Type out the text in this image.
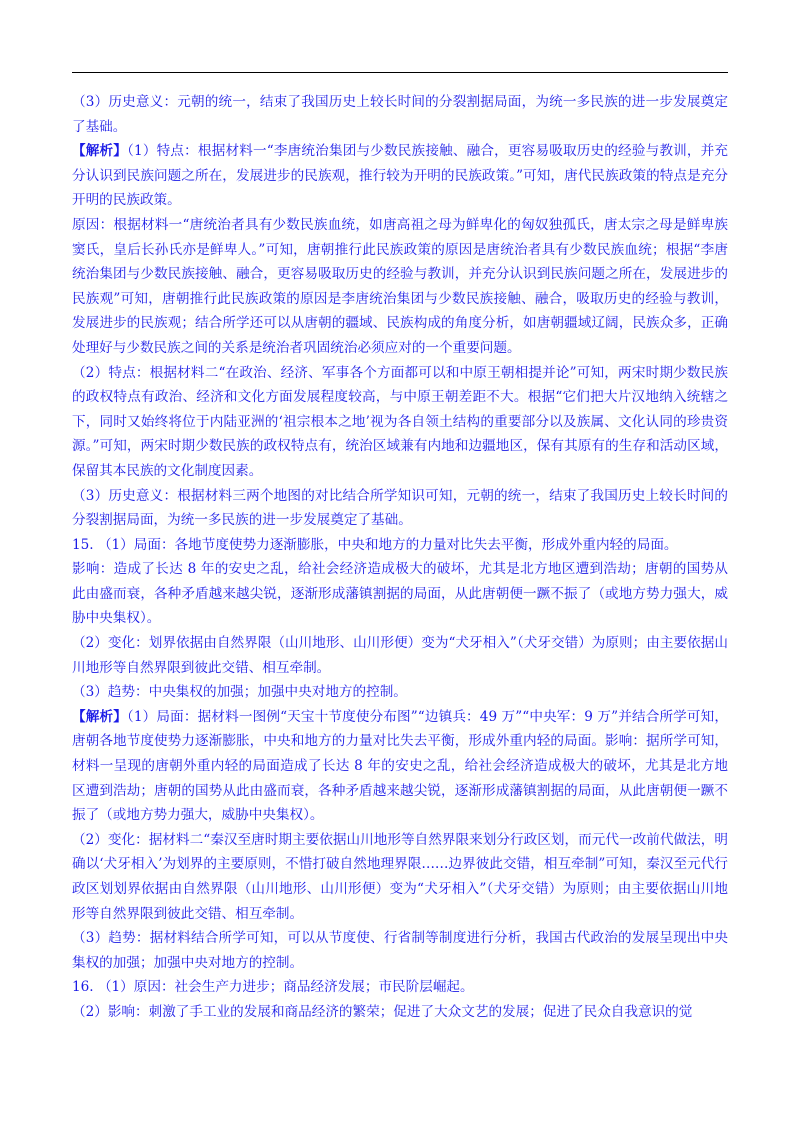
（3）历史意义：元朝的统一，结束了我国历史上较长时间的分裂割据局面，为统一多民族的进一步发展奠定了基础。

【解析】（1）特点：根据材料一“李唐统治集团与少数民族接触、融合，更容易吸取历史的经验与教训，并充分认识到民族问题之所在，发展进步的民族观，推行较为开明的民族政策。”可知，唐代民族政策的特点是充分开明的民族政策。

原因：根据材料一“唐统治者具有少数民族血统，如唐高祖之母为鲜卑化的匈奴独孤氏，唐太宗之母是鲜卑族窦氏，皇后长孙氏亦是鲜卑人。”可知，唐朝推行此民族政策的原因是唐统治者具有少数民族血统；根据“李唐统治集团与少数民族接触、融合，更容易吸取历史的经验与教训，并充分认识到民族问题之所在，发展进步的民族观”可知，唐朝推行此民族政策的原因是李唐统治集团与少数民族接触、融合，吸取历史的经验与教训，发展进步的民族观；结合所学还可以从唐朝的疆域、民族构成的角度分析，如唐朝疆域辽阔，民族众多，正确处理好与少数民族之间的关系是统治者巩固统治必须应对的一个重要问题。

（2）特点：根据材料二“在政治、经济、军事各个方面都可以和中原王朝相提并论”可知，两宋时期少数民族的政权特点有政治、经济和文化方面发展程度较高，与中原王朝差距不大。根据“它们把大片汉地纳入统辖之下，同时又始终将位于内陆亚洲的‘祖宗根本之地’视为各自领土结构的重要部分以及族属、文化认同的珍贵资源。”可知，两宋时期少数民族的政权特点有，统治区域兼有内地和边疆地区，保有其原有的生存和活动区域，保留其本民族的文化制度因素。

（3）历史意义：根据材料三两个地图的对比结合所学知识可知，元朝的统一，结束了我国历史上较长时间的分裂割据局面，为统一多民族的进一步发展奠定了基础。

15. （1）局面：各地节度使势力逐渐膨胀，中央和地方的力量对比失去平衡，形成外重内轻的局面。

影响：造成了长达 8 年的安史之乱，给社会经济造成极大的破坏，尤其是北方地区遭到浩劫；唐朝的国势从此由盛而衰，各种矛盾越来越尖锐，逐渐形成藩镇割据的局面，从此唐朝便一蹶不振了（或地方势力强大，威胁中央集权）。

（2）变化：划界依据由自然界限（山川地形、山川形便）变为“犬牙相入”（犬牙交错）为原则；由主要依据山川地形等自然界限到彼此交错、相互牵制。

（3）趋势：中央集权的加强；加强中央对地方的控制。

【解析】（1）局面：据材料一图例“天宝十节度使分布图”“边镇兵：49 万”“中央军：9 万”并结合所学可知，唐朝各地节度使势力逐渐膨胀，中央和地方的力量对比失去平衡，形成外重内轻的局面。影响：据所学可知，材料一呈现的唐朝外重内轻的局面造成了长达 8 年的安史之乱，给社会经济造成极大的破坏，尤其是北方地区遭到浩劫；唐朝的国势从此由盛而衰，各种矛盾越来越尖锐，逐渐形成藩镇割据的局面，从此唐朝便一蹶不振了（或地方势力强大，威胁中央集权）。

（2）变化：据材料二“秦汉至唐时期主要依据山川地形等自然界限来划分行政区划，而元代一改前代做法，明确以‘犬牙相入’为划界的主要原则，不惜打破自然地理界限……边界彼此交错，相互牵制”可知，秦汉至元代行政区划划界依据由自然界限（山川地形、山川形便）变为“犬牙相入”（犬牙交错）为原则；由主要依据山川地形等自然界限到彼此交错、相互牵制。

（3）趋势：据材料结合所学可知，可以从节度使、行省制等制度进行分析，我国古代政治的发展呈现出中央集权的加强；加强中央对地方的控制。

16. （1）原因：社会生产力进步；商品经济发展；市民阶层崛起。

（2）影响：刺激了手工业的发展和商品经济的繁荣；促进了大众文艺的发展；促进了民众自我意识的觉
